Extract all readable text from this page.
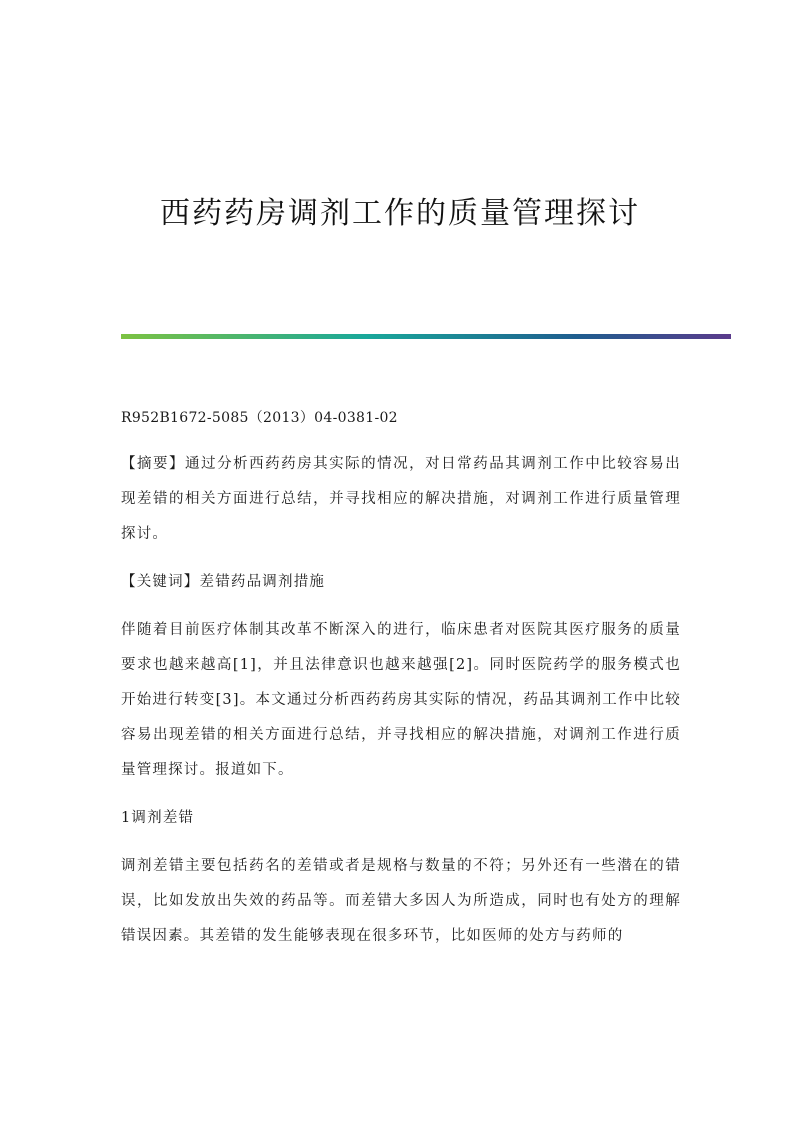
西药药房调剂工作的质量管理探讨

R952B1672-5085（2013）04-0381-02

【摘要】通过分析西药药房其实际的情况，对日常药品其调剂工作中比较容易出现差错的相关方面进行总结，并寻找相应的解决措施，对调剂工作进行质量管理探讨。

【关键词】差错药品调剂措施

伴随着目前医疗体制其改革不断深入的进行，临床患者对医院其医疗服务的质量要求也越来越高[1]，并且法律意识也越来越强[2]。同时医院药学的服务模式也开始进行转变[3]。本文通过分析西药药房其实际的情况，药品其调剂工作中比较容易出现差错的相关方面进行总结，并寻找相应的解决措施，对调剂工作进行质量管理探讨。报道如下。

1调剂差错

调剂差错主要包括药名的差错或者是规格与数量的不符；另外还有一些潜在的错误，比如发放出失效的药品等。而差错大多因人为所造成，同时也有处方的理解错误因素。其差错的发生能够表现在很多环节，比如医师的处方与药师的
